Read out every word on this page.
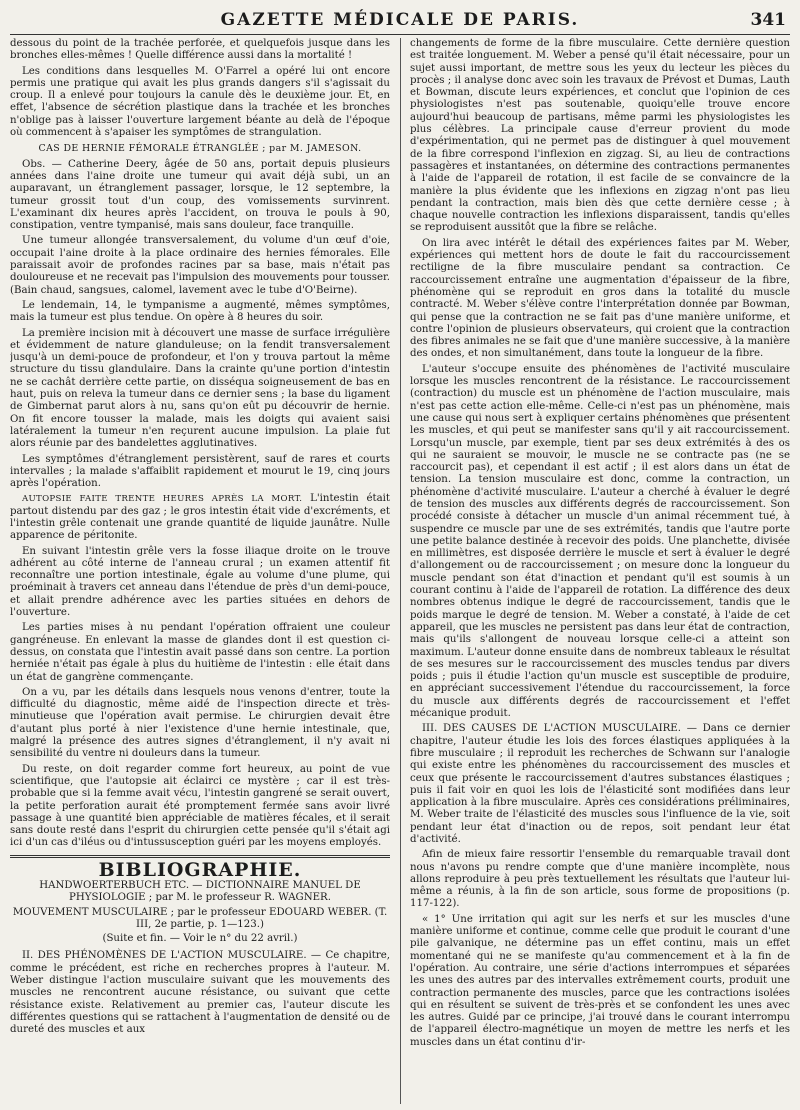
GAZETTE MÉDICALE DE PARIS.	341

dessous du point de la trachée perforée, et quelquefois jusque dans les bronches elles-mêmes ! Quelle différence aussi dans la mortalité !

Les conditions dans lesquelles M. O'Farrel a opéré lui ont encore permis une pratique qui avait les plus grands dangers s'il s'agissait du croup. Il a enlevé pour toujours la canule dès le deuxième jour. Et, en effet, l'absence de sécrétion plastique dans la trachée et les bronches n'oblige pas à laisser l'ouverture largement béante au delà de l'époque où commencent à s'apaiser les symptômes de strangulation.

CAS DE HERNIE FÉMORALE ÉTRANGLÉE ; par M. JAMESON.

Obs. — Catherine Deery, âgée de 50 ans, portait depuis plusieurs années dans l'aine droite une tumeur qui avait déjà subi, un an auparavant, un étranglement passager, lorsque, le 12 septembre, la tumeur grossit tout d'un coup, des vomissements survinrent. L'examinant dix heures après l'accident, on trouva le pouls à 90, constipation, ventre tympanisé, mais sans douleur, face tranquille.

Une tumeur allongée transversalement, du volume d'un œuf d'oie, occupait l'aine droite à la place ordinaire des hernies fémorales. Elle paraissait avoir de profondes racines par sa base, mais n'était pas douloureuse et ne recevait pas l'impulsion des mouvements pour tousser. (Bain chaud, sangsues, calomel, lavement avec le tube d'O'Beirne).

Le lendemain, 14, le tympanisme a augmenté, mêmes symptômes, mais la tumeur est plus tendue. On opère à 8 heures du soir.

La première incision mit à découvert une masse de surface irrégulière et évidemment de nature glanduleuse; on la fendit transversalement jusqu'à un demi-pouce de profondeur, et l'on y trouva partout la même structure du tissu glandulaire. Dans la crainte qu'une portion d'intestin ne se cachât derrière cette partie, on disséqua soigneusement de bas en haut, puis on releva la tumeur dans ce dernier sens ; la base du ligament de Gimbernat parut alors à nu, sans qu'on eût pu découvrir de hernie. On fit encore tousser la malade, mais les doigts qui avaient saisi latéralement la tumeur n'en reçurent aucune impulsion. La plaie fut alors réunie par des bandelettes agglutinatives.

Les symptômes d'étranglement persistèrent, sauf de rares et courts intervalles ; la malade s'affaiblit rapidement et mourut le 19, cinq jours après l'opération.

AUTOPSIE FAITE TRENTE HEURES APRÈS LA MORT. L'intestin était partout distendu par des gaz ; le gros intestin était vide d'excréments, et l'intestin grêle contenait une grande quantité de liquide jaunâtre. Nulle apparence de péritonite.

En suivant l'intestin grêle vers la fosse iliaque droite on le trouve adhérent au côté interne de l'anneau crural ; un examen attentif fit reconnaître une portion intestinale, égale au volume d'une plume, qui proéminait à travers cet anneau dans l'étendue de près d'un demi-pouce, et allait prendre adhérence avec les parties situées en dehors de l'ouverture.

Les parties mises à nu pendant l'opération offraient une couleur gangréneuse. En enlevant la masse de glandes dont il est question ci-dessus, on constata que l'intestin avait passé dans son centre. La portion herniée n'était pas égale à plus du huitième de l'intestin : elle était dans un état de gangrène commençante.

On a vu, par les détails dans lesquels nous venons d'entrer, toute la difficulté du diagnostic, même aidé de l'inspection directe et très-minutieuse que l'opération avait permise. Le chirurgien devait être d'autant plus porté à nier l'existence d'une hernie intestinale, que, malgré la présence des autres signes d'étranglement, il n'y avait ni sensibilité du ventre ni douleurs dans la tumeur.

Du reste, on doit regarder comme fort heureux, au point de vue scientifique, que l'autopsie ait éclairci ce mystère ; car il est très-probable que si la femme avait vécu, l'intestin gangrené se serait ouvert, la petite perforation aurait été promptement fermée sans avoir livré passage à une quantité bien appréciable de matières fécales, et il serait sans doute resté dans l'esprit du chirurgien cette pensée qu'il s'était agi ici d'un cas d'iléus ou d'intussusception guéri par les moyens employés.

BIBLIOGRAPHIE.
HANDWOERTERBUCH ETC. — DICTIONNAIRE MANUEL DE PHYSIOLOGIE ; par M. le professeur R. WAGNER.
MOUVEMENT MUSCULAIRE ; par le professeur EDOUARD WEBER. (T. III, 2e partie, p. 1—123.)
(Suite et fin. — Voir le n° du 22 avril.)

II. DES PHÉNOMÈNES DE L'ACTION MUSCULAIRE. — Ce chapitre, comme le précédent, est riche en recherches propres à l'auteur. M. Weber distingue l'action musculaire suivant que les mouvements des muscles ne rencontrent aucune résistance, ou suivant que cette résistance existe. Relativement au premier cas, l'auteur discute les différentes questions qui se rattachent à l'augmentation de densité ou de dureté des muscles et aux

changements de forme de la fibre musculaire. Cette dernière question est traitée longuement. M. Weber a pensé qu'il était nécessaire, pour un sujet aussi important, de mettre sous les yeux du lecteur les pièces du procès ; il analyse donc avec soin les travaux de Prévost et Dumas, Lauth et Bowman, discute leurs expériences, et conclut que l'opinion de ces physiologistes n'est pas soutenable, quoiqu'elle trouve encore aujourd'hui beaucoup de partisans, même parmi les physiologistes les plus célèbres. La principale cause d'erreur provient du mode d'expérimentation, qui ne permet pas de distinguer à quel mouvement de la fibre correspond l'inflexion en zigzag. Si, au lieu de contractions passagères et instantanées, on détermine des contractions permanentes à l'aide de l'appareil de rotation, il est facile de se convaincre de la manière la plus évidente que les inflexions en zigzag n'ont pas lieu pendant la contraction, mais bien dès que cette dernière cesse ; à chaque nouvelle contraction les inflexions disparaissent, tandis qu'elles se reproduisent aussitôt que la fibre se relâche.

On lira avec intérêt le détail des expériences faites par M. Weber, expériences qui mettent hors de doute le fait du raccourcissement rectiligne de la fibre musculaire pendant sa contraction. Ce raccourcissement entraîne une augmentation d'épaisseur de la fibre, phénomène qui se reproduit en gros dans la totalité du muscle contracté. M. Weber s'élève contre l'interprétation donnée par Bowman, qui pense que la contraction ne se fait pas d'une manière uniforme, et contre l'opinion de plusieurs observateurs, qui croient que la contraction des fibres animales ne se fait que d'une manière successive, à la manière des ondes, et non simultanément, dans toute la longueur de la fibre.

L'auteur s'occupe ensuite des phénomènes de l'activité musculaire lorsque les muscles rencontrent de la résistance. Le raccourcissement (contraction) du muscle est un phénomène de l'action musculaire, mais n'est pas cette action elle-même. Celle-ci n'est pas un phénomène, mais une cause qui nous sert à expliquer certains phénomènes que présentent les muscles, et qui peut se manifester sans qu'il y ait raccourcissement. Lorsqu'un muscle, par exemple, tient par ses deux extrémités à des os qui ne sauraient se mouvoir, le muscle ne se contracte pas (ne se raccourcit pas), et cependant il est actif ; il est alors dans un état de tension. La tension musculaire est donc, comme la contraction, un phénomène d'activité musculaire. L'auteur a cherché à évaluer le degré de tension des muscles aux différents degrés de raccourcissement. Son procédé consiste à détacher un muscle d'un animal récemment tué, à suspendre ce muscle par une de ses extrémités, tandis que l'autre porte une petite balance destinée à recevoir des poids. Une planchette, divisée en millimètres, est disposée derrière le muscle et sert à évaluer le degré d'allongement ou de raccourcissement ; on mesure donc la longueur du muscle pendant son état d'inaction et pendant qu'il est soumis à un courant continu à l'aide de l'appareil de rotation. La différence des deux nombres obtenus indique le degré de raccourcissement, tandis que le poids marque le degré de tension. M. Weber a constaté, à l'aide de cet appareil, que les muscles ne persistent pas dans leur état de contraction, mais qu'ils s'allongent de nouveau lorsque celle-ci a atteint son maximum. L'auteur donne ensuite dans de nombreux tableaux le résultat de ses mesures sur le raccourcissement des muscles tendus par divers poids ; puis il étudie l'action qu'un muscle est susceptible de produire, en appréciant successivement l'étendue du raccourcissement, la force du muscle aux différents degrés de raccourcissement et l'effet mécanique produit.

III. DES CAUSES DE L'ACTION MUSCULAIRE. — Dans ce dernier chapitre, l'auteur étudie les lois des forces élastiques appliquées à la fibre musculaire ; il reproduit les recherches de Schwann sur l'analogie qui existe entre les phénomènes du raccourcissement des muscles et ceux que présente le raccourcissement d'autres substances élastiques ; puis il fait voir en quoi les lois de l'élasticité sont modifiées dans leur application à la fibre musculaire. Après ces considérations préliminaires, M. Weber traite de l'élasticité des muscles sous l'influence de la vie, soit pendant leur état d'inaction ou de repos, soit pendant leur état d'activité.

Afin de mieux faire ressortir l'ensemble du remarquable travail dont nous n'avons pu rendre compte que d'une manière incomplète, nous allons reproduire à peu près textuellement les résultats que l'auteur lui-même a réunis, à la fin de son article, sous forme de propositions (p. 117-122).

« 1° Une irritation qui agit sur les nerfs et sur les muscles d'une manière uniforme et continue, comme celle que produit le courant d'une pile galvanique, ne détermine pas un effet continu, mais un effet momentané qui ne se manifeste qu'au commencement et à la fin de l'opération. Au contraire, une série d'actions interrompues et séparées les unes des autres par des intervalles extrêmement courts, produit une contraction permanente des muscles, parce que les contractions isolées qui en résultent se suivent de très-près et se confondent les unes avec les autres. Guidé par ce principe, j'ai trouvé dans le courant interrompu de l'appareil électro-magnétique un moyen de mettre les nerfs et les muscles dans un état continu d'ir-
